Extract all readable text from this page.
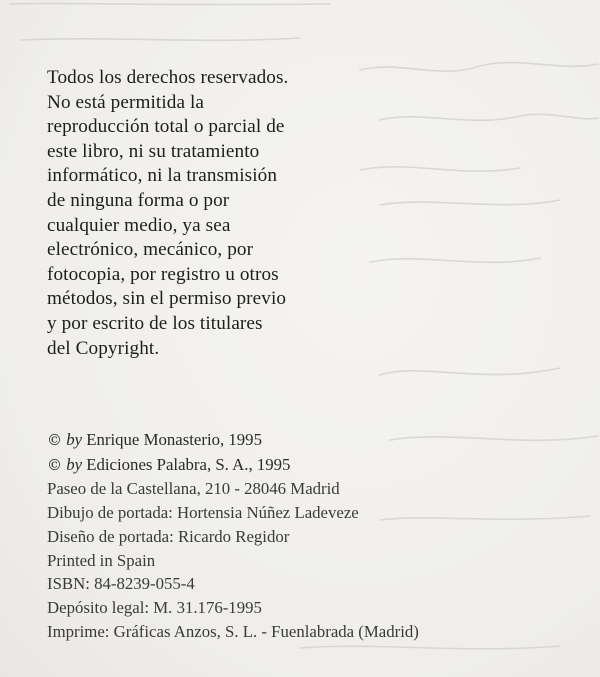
Todos los derechos reservados.
No está permitida la
reproducción total o parcial de
este libro, ni su tratamiento
informático, ni la transmisión
de ninguna forma o por
cualquier medio, ya sea
electrónico, mecánico, por
fotocopia, por registro u otros
métodos, sin el permiso previo
y por escrito de los titulares
del Copyright.
© by Enrique Monasterio, 1995
© by Ediciones Palabra, S. A., 1995
Paseo de la Castellana, 210 - 28046 Madrid
Dibujo de portada: Hortensia Núñez Ladeveze
Diseño de portada: Ricardo Regidor
Printed in Spain
ISBN: 84-8239-055-4
Depósito legal: M. 31.176-1995
Imprime: Gráficas Anzos, S. L. - Fuenlabrada (Madrid)
